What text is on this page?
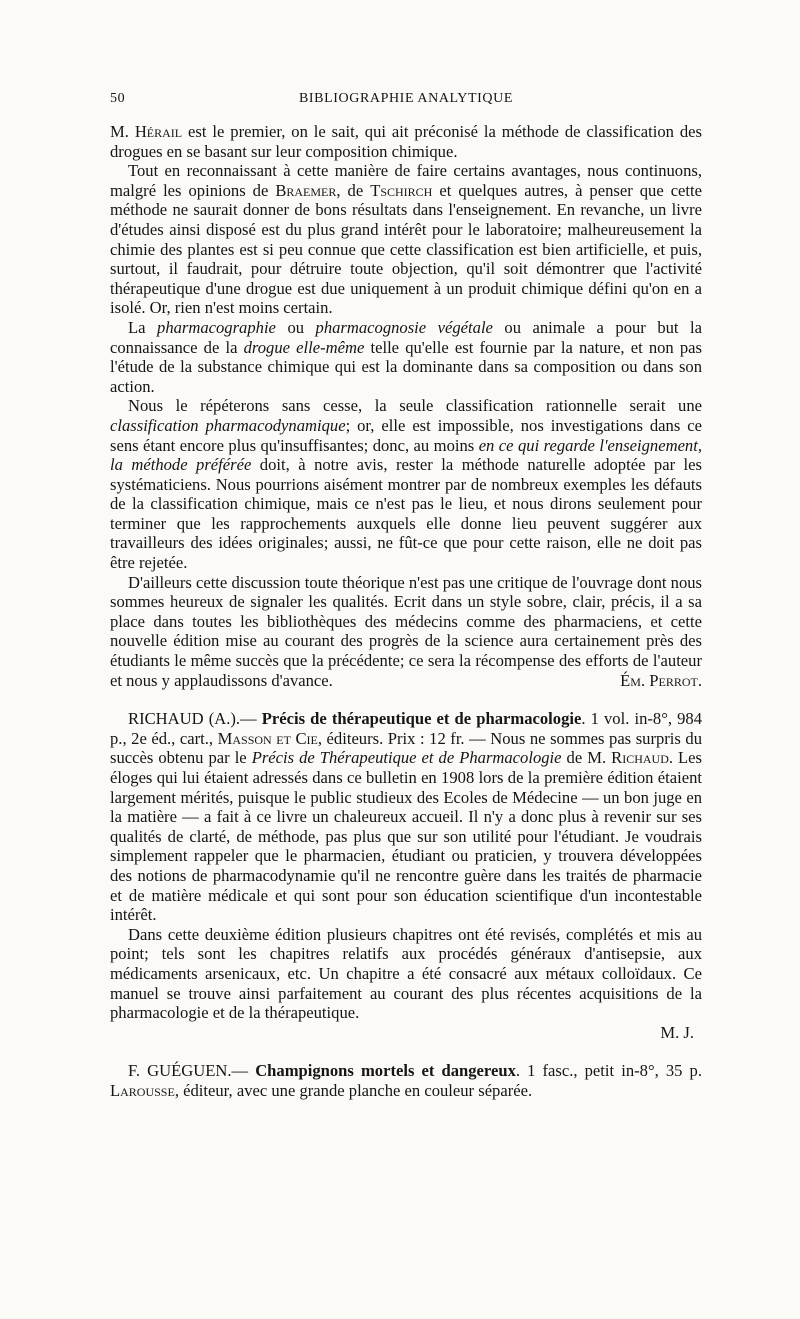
50	BIBLIOGRAPHIE ANALYTIQUE

M. Hérail est le premier, on le sait, qui ait préconisé la méthode de classification des drogues en se basant sur leur composition chimique.

Tout en reconnaissant à cette manière de faire certains avantages, nous continuons, malgré les opinions de Braemer, de Tschirch et quelques autres, à penser que cette méthode ne saurait donner de bons résultats dans l'enseignement. En revanche, un livre d'études ainsi disposé est du plus grand intérêt pour le laboratoire; malheureusement la chimie des plantes est si peu connue que cette classification est bien artificielle, et puis, surtout, il faudrait, pour détruire toute objection, qu'il soit démontrer que l'activité thérapeutique d'une drogue est due uniquement à un produit chimique défini qu'on en a isolé. Or, rien n'est moins certain.

La pharmacographie ou pharmacognosie végétale ou animale a pour but la connaissance de la drogue elle-même telle qu'elle est fournie par la nature, et non pas l'étude de la substance chimique qui est la dominante dans sa composition ou dans son action.

Nous le répéterons sans cesse, la seule classification rationnelle serait une classification pharmacodynamique; or, elle est impossible, nos investigations dans ce sens étant encore plus qu'insuffisantes; donc, au moins en ce qui regarde l'enseignement, la méthode préférée doit, à notre avis, rester la méthode naturelle adoptée par les systématiciens. Nous pourrions aisément montrer par de nombreux exemples les défauts de la classification chimique, mais ce n'est pas le lieu, et nous dirons seulement pour terminer que les rapprochements auxquels elle donne lieu peuvent suggérer aux travailleurs des idées originales; aussi, ne fût-ce que pour cette raison, elle ne doit pas être rejetée.

D'ailleurs cette discussion toute théorique n'est pas une critique de l'ouvrage dont nous sommes heureux de signaler les qualités. Ecrit dans un style sobre, clair, précis, il a sa place dans toutes les bibliothèques des médecins comme des pharmaciens, et cette nouvelle édition mise au courant des progrès de la science aura certainement près des étudiants le même succès que la précédente; ce sera la récompense des efforts de l'auteur et nous y applaudissons d'avance.	Ém. Perrot.

RICHAUD (A.).— Précis de thérapeutique et de pharmacologie. 1 vol. in-8°, 984 p., 2e éd., cart., Masson et Cie, éditeurs. Prix : 12 fr. — Nous ne sommes pas surpris du succès obtenu par le Précis de Thérapeutique et de Pharmacologie de M. Richaud. Les éloges qui lui étaient adressés dans ce bulletin en 1908 lors de la première édition étaient largement mérités, puisque le public studieux des Ecoles de Médecine — un bon juge en la matière — a fait à ce livre un chaleureux accueil. Il n'y a donc plus à revenir sur ses qualités de clarté, de méthode, pas plus que sur son utilité pour l'étudiant. Je voudrais simplement rappeler que le pharmacien, étudiant ou praticien, y trouvera développées des notions de pharmacodynamie qu'il ne rencontre guère dans les traités de pharmacie et de matière médicale et qui sont pour son éducation scientifique d'un incontestable intérêt.

Dans cette deuxième édition plusieurs chapitres ont été revisés, complétés et mis au point; tels sont les chapitres relatifs aux procédés généraux d'antisepsie, aux médicaments arsenicaux, etc. Un chapitre a été consacré aux métaux colloïdaux. Ce manuel se trouve ainsi parfaitement au courant des plus récentes acquisitions de la pharmacologie et de la thérapeutique.

M. J.

F. GUÉGUEN.— Champignons mortels et dangereux. 1 fasc., petit in-8°, 35 p. Larousse, éditeur, avec une grande planche en couleur séparée.
